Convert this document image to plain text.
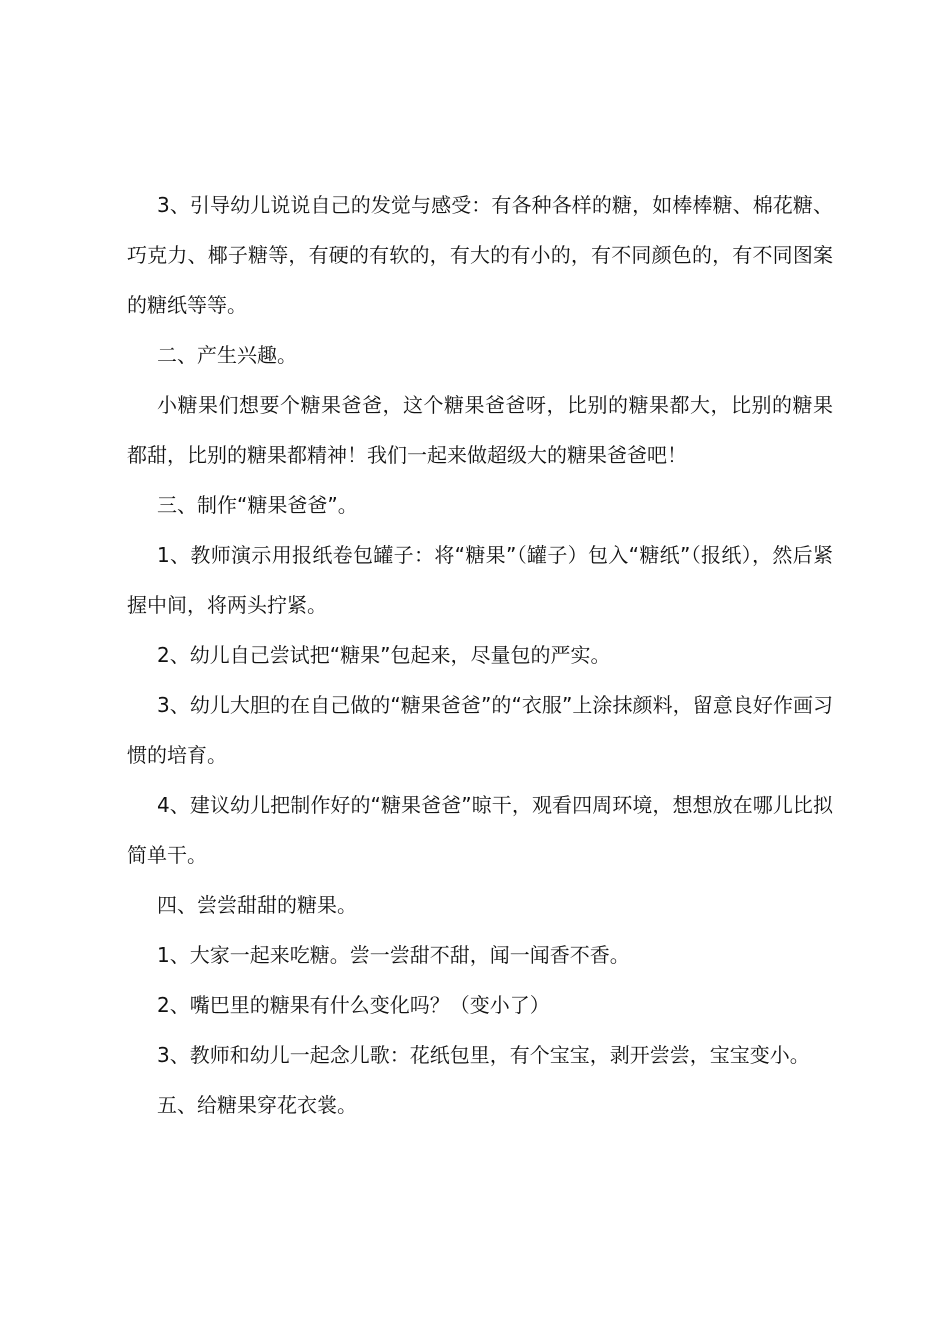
3、引导幼儿说说自己的发觉与感受：有各种各样的糖，如棒棒糖、棉花糖、巧克力、椰子糖等，有硬的有软的，有大的有小的，有不同颜色的，有不同图案的糖纸等等。

二、产生兴趣。

小糖果们想要个糖果爸爸，这个糖果爸爸呀，比别的糖果都大，比别的糖果都甜，比别的糖果都精神！我们一起来做超级大的糖果爸爸吧！

三、制作“糖果爸爸”。

1、教师演示用报纸卷包罐子：将“糖果”（罐子）包入“糖纸”（报纸），然后紧握中间，将两头拧紧。

2、幼儿自己尝试把“糖果”包起来，尽量包的严实。

3、幼儿大胆的在自己做的“糖果爸爸”的“衣服”上涂抹颜料，留意良好作画习惯的培育。

4、建议幼儿把制作好的“糖果爸爸”晾干，观看四周环境，想想放在哪儿比拟简单干。

四、尝尝甜甜的糖果。

1、大家一起来吃糖。尝一尝甜不甜，闻一闻香不香。

2、嘴巴里的糖果有什么变化吗？（变小了）

3、教师和幼儿一起念儿歌：花纸包里，有个宝宝，剥开尝尝，宝宝变小。

五、给糖果穿花衣裳。
